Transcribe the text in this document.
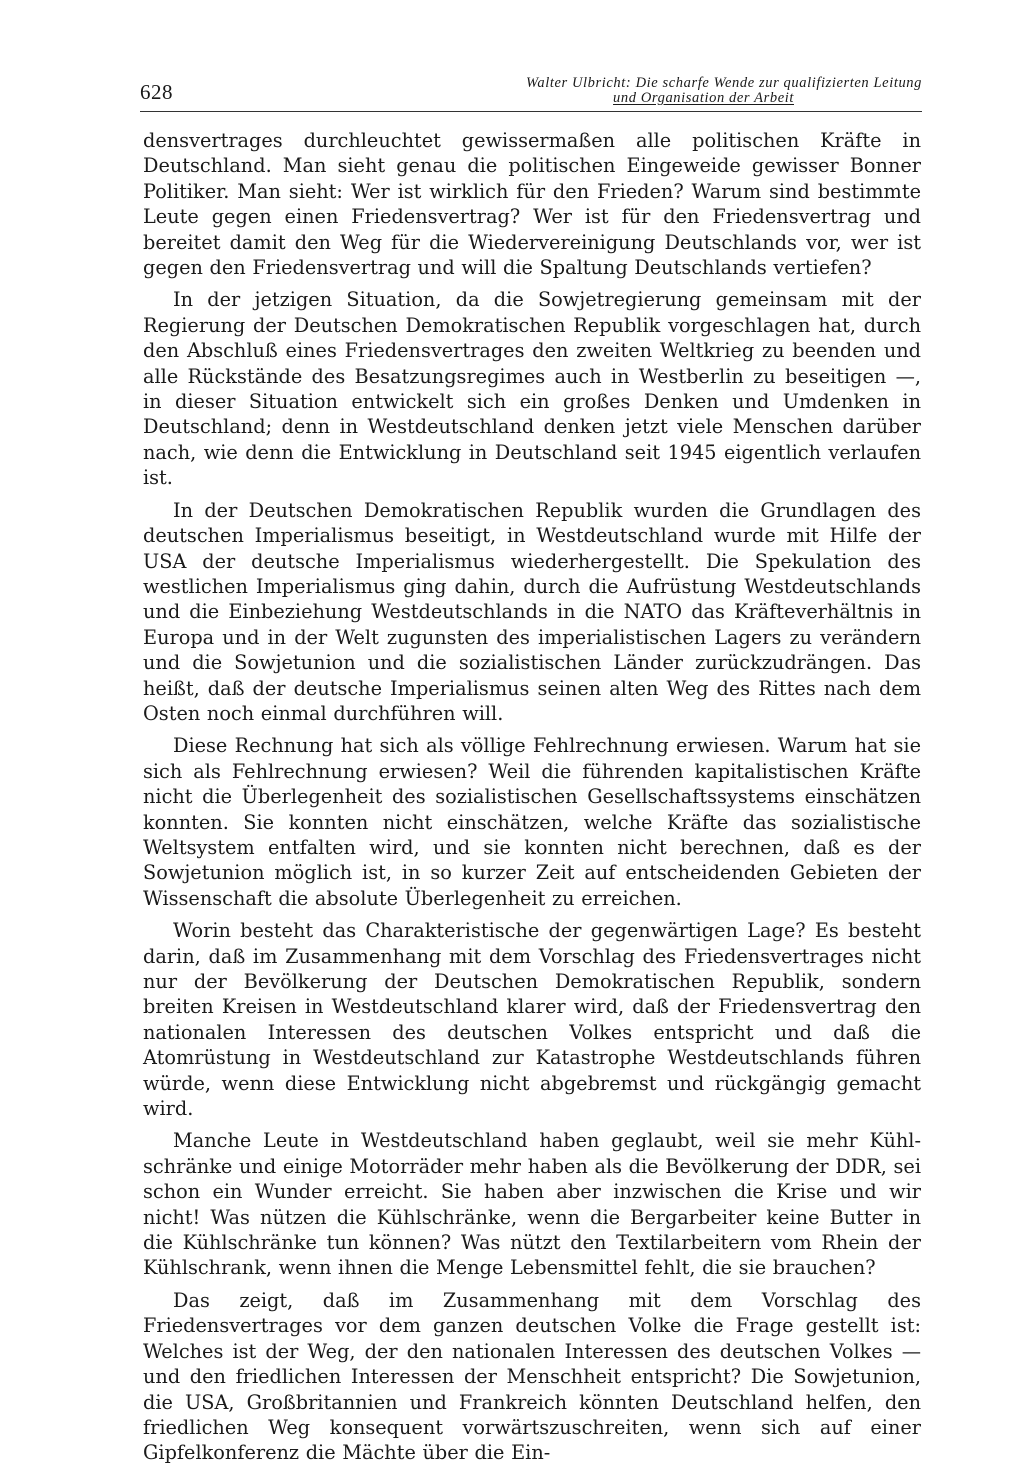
628	Walter Ulbricht: Die scharfe Wende zur qualifizierten Leitung
und Organisation der Arbeit

densvertrages durchleuchtet gewissermaßen alle politischen Kräfte in Deutschland. Man sieht genau die politischen Eingeweide gewisser Bonner Politiker. Man sieht: Wer ist wirklich für den Frieden? Warum sind bestimmte Leute gegen einen Friedensvertrag? Wer ist für den Friedensvertrag und bereitet damit den Weg für die Wiedervereinigung Deutschlands vor, wer ist gegen den Friedensvertrag und will die Spaltung Deutschlands vertiefen?

In der jetzigen Situation, da die Sowjetregierung gemeinsam mit der Regierung der Deutschen Demokratischen Republik vorgeschlagen hat, durch den Abschluß eines Friedensvertrages den zweiten Weltkrieg zu beenden und alle Rückstände des Besatzungsregimes auch in Westberlin zu beseitigen —, in dieser Situation entwickelt sich ein großes Denken und Umdenken in Deutschland; denn in Westdeutschland denken jetzt viele Menschen darüber nach, wie denn die Entwicklung in Deutschland seit 1945 eigentlich verlaufen ist.

In der Deutschen Demokratischen Republik wurden die Grundlagen des deutschen Imperialismus beseitigt, in Westdeutschland wurde mit Hilfe der USA der deutsche Imperialismus wiederhergestellt. Die Spekulation des westlichen Imperialismus ging dahin, durch die Aufrüstung Westdeutschlands und die Einbeziehung Westdeutschlands in die NATO das Kräfteverhältnis in Europa und in der Welt zugunsten des imperialistischen Lagers zu verändern und die Sowjetunion und die sozialistischen Länder zurückzudrängen. Das heißt, daß der deutsche Imperialismus seinen alten Weg des Rittes nach dem Osten noch einmal durchführen will.

Diese Rechnung hat sich als völlige Fehlrechnung erwiesen. Warum hat sie sich als Fehlrechnung erwiesen? Weil die führenden kapitalistischen Kräfte nicht die Überlegenheit des sozialistischen Gesellschaftssystems einschätzen konnten. Sie konnten nicht einschätzen, welche Kräfte das sozialistische Weltsystem entfalten wird, und sie konnten nicht berechnen, daß es der Sowjetunion möglich ist, in so kurzer Zeit auf entscheidenden Gebieten der Wissenschaft die absolute Überlegenheit zu erreichen.

Worin besteht das Charakteristische der gegenwärtigen Lage? Es besteht darin, daß im Zusammenhang mit dem Vorschlag des Friedensvertrages nicht nur der Bevölkerung der Deutschen Demokratischen Republik, sondern breiten Kreisen in Westdeutschland klarer wird, daß der Friedensvertrag den nationalen Interessen des deutschen Volkes entspricht und daß die Atomrüstung in Westdeutschland zur Katastrophe Westdeutschlands führen würde, wenn diese Entwicklung nicht abgebremst und rückgängig gemacht wird.

Manche Leute in Westdeutschland haben geglaubt, weil sie mehr Kühlschränke und einige Motorräder mehr haben als die Bevölkerung der DDR, sei schon ein Wunder erreicht. Sie haben aber inzwischen die Krise und wir nicht! Was nützen die Kühlschränke, wenn die Bergarbeiter keine Butter in die Kühlschränke tun können? Was nützt den Textilarbeitern vom Rhein der Kühlschrank, wenn ihnen die Menge Lebensmittel fehlt, die sie brauchen?

Das zeigt, daß im Zusammenhang mit dem Vorschlag des Friedensvertrages vor dem ganzen deutschen Volke die Frage gestellt ist: Welches ist der Weg, der den nationalen Interessen des deutschen Volkes — und den friedlichen Interessen der Menschheit entspricht? Die Sowjetunion, die USA, Großbritannien und Frankreich könnten Deutschland helfen, den friedlichen Weg konsequent vorwärtszuschreiten, wenn sich auf einer Gipfelkonferenz die Mächte über die Ein-
